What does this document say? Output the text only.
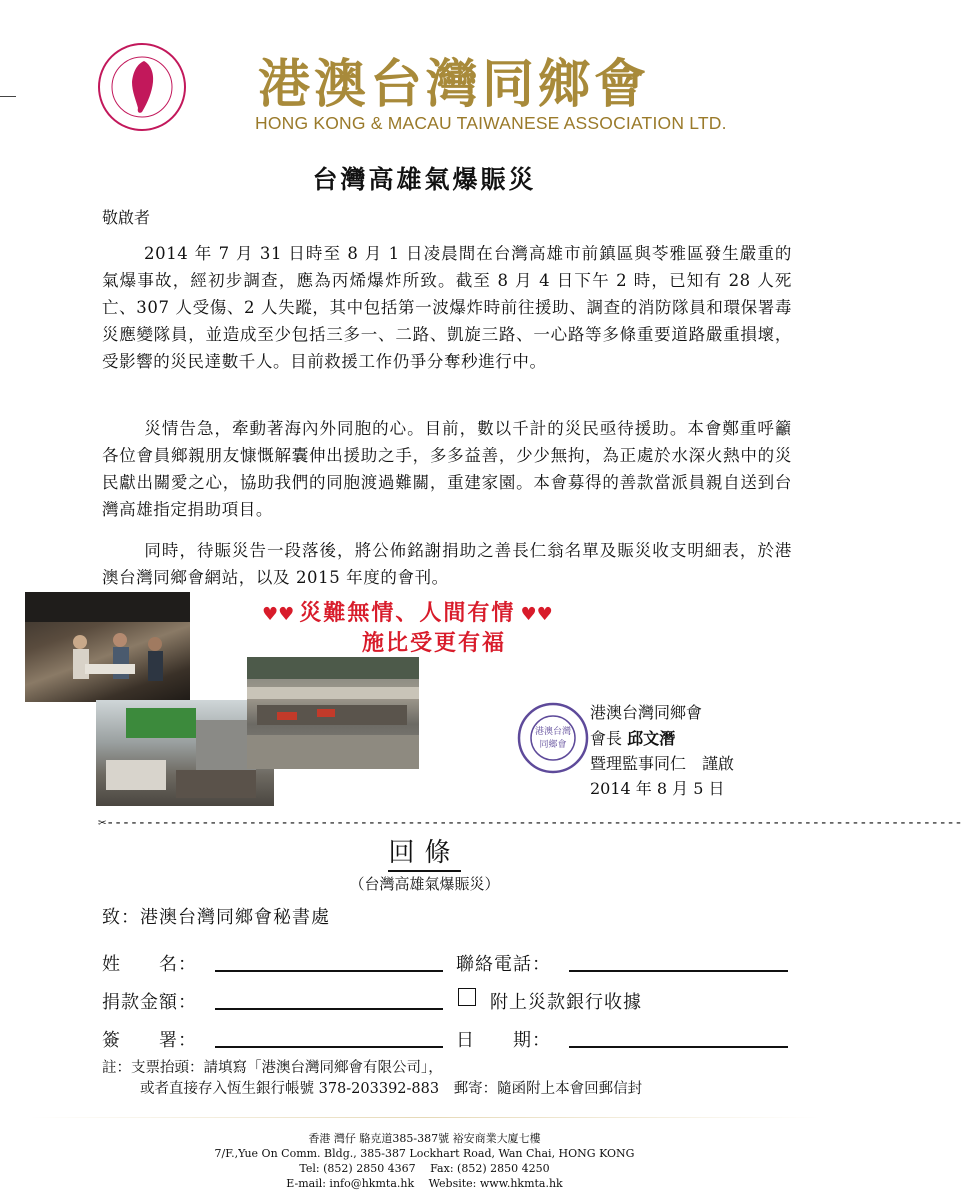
港澳台灣同鄉會
HONG KONG & MACAU TAIWANESE ASSOCIATION LTD.
台灣高雄氣爆賑災
敬啟者
2014 年 7 月 31 日時至 8 月 1 日凌晨間在台灣高雄市前鎮區與苓雅區發生嚴重的氣爆事故，經初步調查，應為丙烯爆炸所致。截至 8 月 4 日下午 2 時，已知有 28 人死亡、307 人受傷、2 人失蹤，其中包括第一波爆炸時前往援助、調查的消防隊員和環保署毒災應變隊員，並造成至少包括三多一、二路、凱旋三路、一心路等多條重要道路嚴重損壞，受影響的災民達數千人。目前救援工作仍爭分奪秒進行中。
災情告急，牽動著海內外同胞的心。目前，數以千計的災民亟待援助。本會鄭重呼籲各位會員鄉親朋友慷慨解囊伸出援助之手，多多益善，少少無拘，為正處於水深火熱中的災民獻出關愛之心，協助我們的同胞渡過難關，重建家園。本會募得的善款當派員親自送到台灣高雄指定捐助項目。
同時，待賑災告一段落後，將公佈銘謝捐助之善長仁翁名單及賑災收支明細表，於港澳台灣同鄉會網站，以及 2015 年度的會刊。
♥♥ 災難無情、人間有情 ♥♥
施比受更有福
港澳台灣
同鄉會
港澳台灣同鄉會
會長 邱文潛
暨理監事同仁　謹啟
2014 年 8 月 5 日
✂------------------------------------------------------------------------------------------------------------
回條
（台灣高雄氣爆賑災）
致：港澳台灣同鄉會秘書處
姓　　名：	聯絡電話：
捐款金額：	附上災款銀行收據
簽　　署：	日　　期：
註：支票抬頭：請填寫「港澳台灣同鄉會有限公司」，
或者直接存入恆生銀行帳號 378-203392-883　郵寄：隨函附上本會回郵信封
香港 灣仔 駱克道385-387號 裕安商業大廈七樓
7/F.,Yue On Comm. Bldg., 385-387 Lockhart Road, Wan Chai, HONG KONG
Tel: (852) 2850 4367　 Fax: (852) 2850 4250
E-mail: info@hkmta.hk　 Website: www.hkmta.hk
